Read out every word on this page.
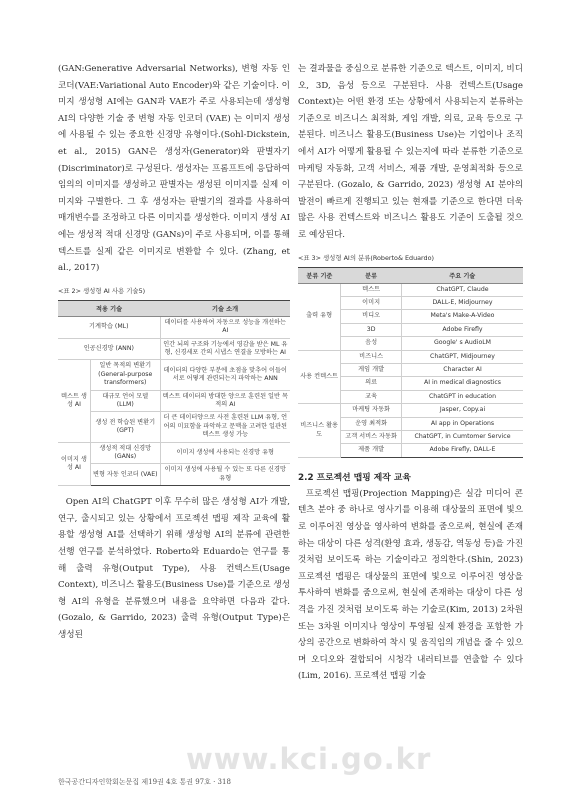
(GAN:Generative Adversarial Networks), 변형 자동 인코더(VAE:Variational Auto Encoder)와 같은 기술이다. 이미지 생성형 AI에는 GAN과 VAE가 주로 사용되는데 생성형 AI의 다양한 기술 중 변형 자동 인코더 (VAE) 는 이미지 생성에 사용될 수 있는 중요한 신경망 유형이다.(Sohl-Dickstein, et al., 2015) GAN은 생성자(Generator)와 판별자기(Discriminator)로 구성된다. 생성자는 프롬프트에 응답하여 임의의 이미지를 생성하고 판별자는 생성된 이미지를 실제 이미지와 구별한다. 그 후 생성자는 판별기의 결과를 사용하여 매개변수를 조정하고 다른 이미지를 생성한다. 이미지 생성 AI에는 생성적 적대 신경망 (GANs)이 주로 사용되며, 이를 통해 텍스트를 실제 같은 이미지로 변환할 수 있다. (Zhang, et al., 2017)

<표 2> 생성형 AI 사용 기술5)
적용 기술		기술 소개
기계학습 (ML)		데이터를 사용하여 자동으로 성능을 개선하는 AI
인공신경망 (ANN)		인간 뇌의 구조와 기능에서 영감을 받은 ML 유형, 신경세포 간의 시냅스 연결을 모방하는 AI
텍스트 생성 AI	일반 목적의 변환기 (General-purpose transformers)	데이터의 다양한 부분에 초점을 맞추어 이들이 서로 어떻게 관련되는지 파악하는 ANN
	대규모 언어 모델 (LLM)	텍스트 데이터의 방대한 양으로 훈련된 일반 목적의 AI
	생성 전 학습된 변환기 (GPT)	더 큰 데이터양으로 사전 훈련된 LLM 유형, 언어의 미묘함을 파악하고 문맥을 고려한 일관된 텍스트 생성 가능
이미지 생성 AI	생성적 적대 신경망 (GANs)	이미지 생성에 사용되는 신경망 유형
	변형 자동 인코더 (VAE)	이미지 생성에 사용될 수 있는 또 다른 신경망 유형

Open AI의 ChatGPT 이후 무수히 많은 생성형 AI가 개발, 연구, 출시되고 있는 상황에서 프로젝션 맵핑 제작 교육에 활용할 생성형 AI를 선택하기 위해 생성형 AI의 분류에 관련한 선행 연구를 분석하였다. Roberto와 Eduardo는 연구를 통해 출력 유형(Output Type), 사용 컨텍스트(Usage Context), 비즈니스 활용도(Business Use)를 기준으로 생성형 AI의 유형을 분류했으며 내용을 요약하면 다음과 같다. (Gozalo, & Garrido, 2023) 출력 유형(Output Type)은 생성된

는 결과물을 중심으로 분류한 기준으로 텍스트, 이미지, 비디오, 3D, 음성 등으로 구분된다. 사용 컨텍스트(Usage Context)는 어떤 환경 또는 상황에서 사용되는지 분류하는 기준으로 비즈니스 최적화, 게임 개발, 의료, 교육 등으로 구분된다. 비즈니스 활용도(Business Use)는 기업이나 조직에서 AI가 어떻게 활용될 수 있는지에 따라 분류한 기준으로 마케팅 자동화, 고객 서비스, 제품 개발, 운영최적화 등으로 구분된다. (Gozalo, & Garrido, 2023) 생성형 AI 분야의 발전이 빠르게 진행되고 있는 현재를 기준으로 한다면 더욱 많은 사용 컨텍스트와 비즈니스 활용도 기준이 도출될 것으로 예상된다.

<표 3> 생성형 AI의 분류(Roberto& Eduardo)
분류 기준	분류	주요 기술
출력 유형	텍스트	ChatGPT, Claude
	이미지	DALL-E, Midjourney
	비디오	Meta's Make-A-Video
	3D	Adobe Firefly
	음성	Google' s AudioLM
사용 컨텍스트	비즈니스	ChatGPT, Midjourney
	게임 개발	Character AI
	의료	AI in medical diagnostics
	교육	ChatGPT in education
비즈니스 활용도	마케팅 자동화	Jasper, Copy.ai
	운영 최적화	AI app in Operations
	고객 서비스 자동화	ChatGPT, in Cumtomer Service
	제품 개발	Adobe Firefly, DALL-E
2.2 프로젝션 맵핑 제작 교육

프로젝션 맵핑(Projection Mapping)은 실감 미디어 콘텐츠 분야 중 하나로 영사기를 이용해 대상물의 표면에 빛으로 이루어진 영상을 영사하여 변화를 줌으로써, 현실에 존재하는 대상이 다른 성격(환영 효과, 생동감, 역동성 등)을 가진 것처럼 보이도록 하는 기술이라고 정의한다.(Shin, 2023) 프로젝션 맵핑은 대상물의 표면에 빛으로 이루어진 영상을 투사하여 변화를 줌으로써, 현실에 존재하는 대상이 다른 성격을 가진 것처럼 보이도록 하는 기술로(Kim, 2013) 2차원 또는 3차원 이미지나 영상이 투영될 실제 환경을 포함한 가상의 공간으로 변화하여 착시 및 움직임의 개념을 줄 수 있으며 오디오와 결합되어 시청각 내러티브를 연출할 수 있다(Lim, 2016). 프로젝션 맵핑 기술

www.kci.go.kr
한국공간디자인학회논문집 제19권 4호 통권 97호 · 318
